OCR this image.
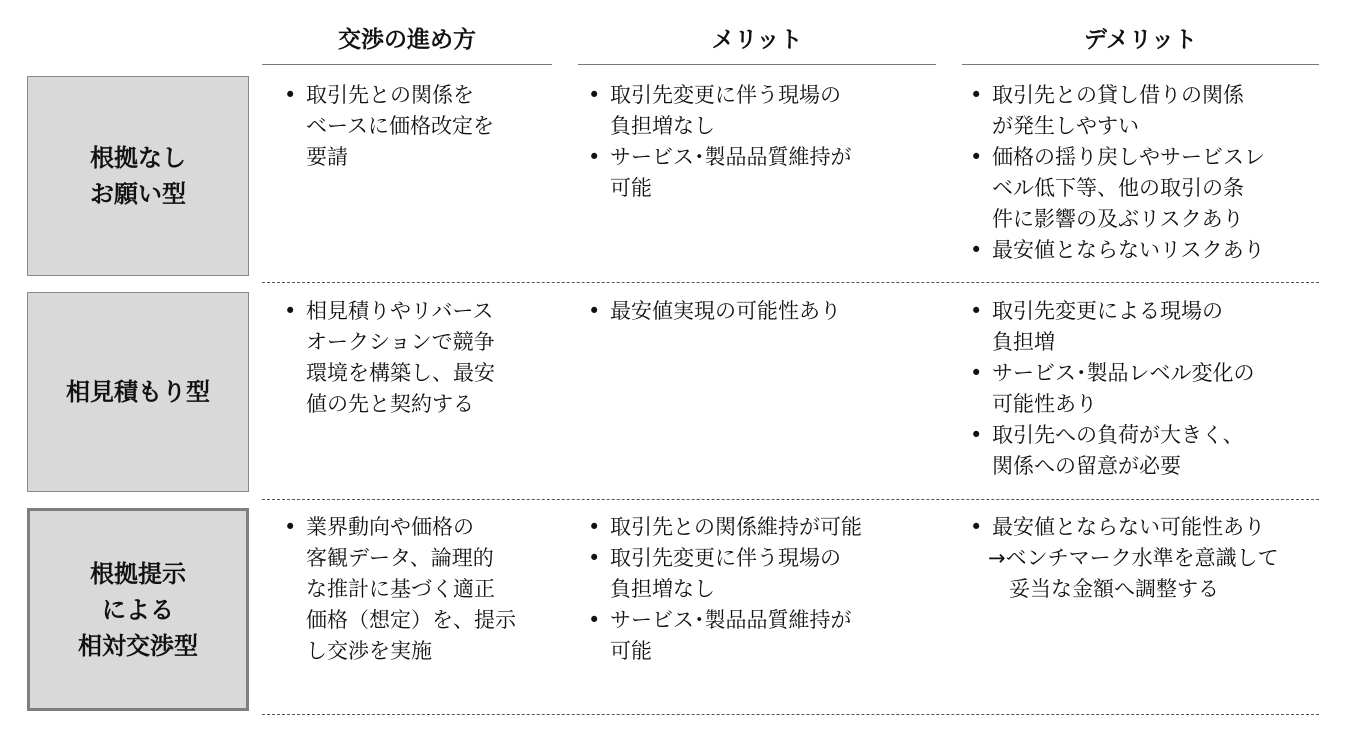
交渉の進め方	メリット	デメリット
根拠なし
お願い型
• 取引先との関係を
ベースに価格改定を
要請
• 取引先変更に伴う現場の
負担増なし
• サービス･製品品質維持が
可能
• 取引先との貸し借りの関係
が発生しやすい
• 価格の揺り戻しやサービスレ
ベル低下等、他の取引の条
件に影響の及ぶリスクあり
• 最安値とならないリスクあり
相見積もり型
• 相見積りやリバース
オークションで競争
環境を構築し、最安
値の先と契約する
• 最安値実現の可能性あり
•	取引先変更による現場の
負担増
• サービス･製品レベル変化の
可能性あり
• 取引先への負荷が大きく、
関係への留意が必要
根拠提示
による
相対交渉型
• 業界動向や価格の
客観データ、論理的
な推計に基づく適正
価格（想定）を、提示
し交渉を実施
• 取引先との関係維持が可能
• 取引先変更に伴う現場の
負担増なし
• サービス･製品品質維持が
可能
• 最安値とならない可能性あり
→ベンチマーク水準を意識して
　妥当な金額へ調整する
